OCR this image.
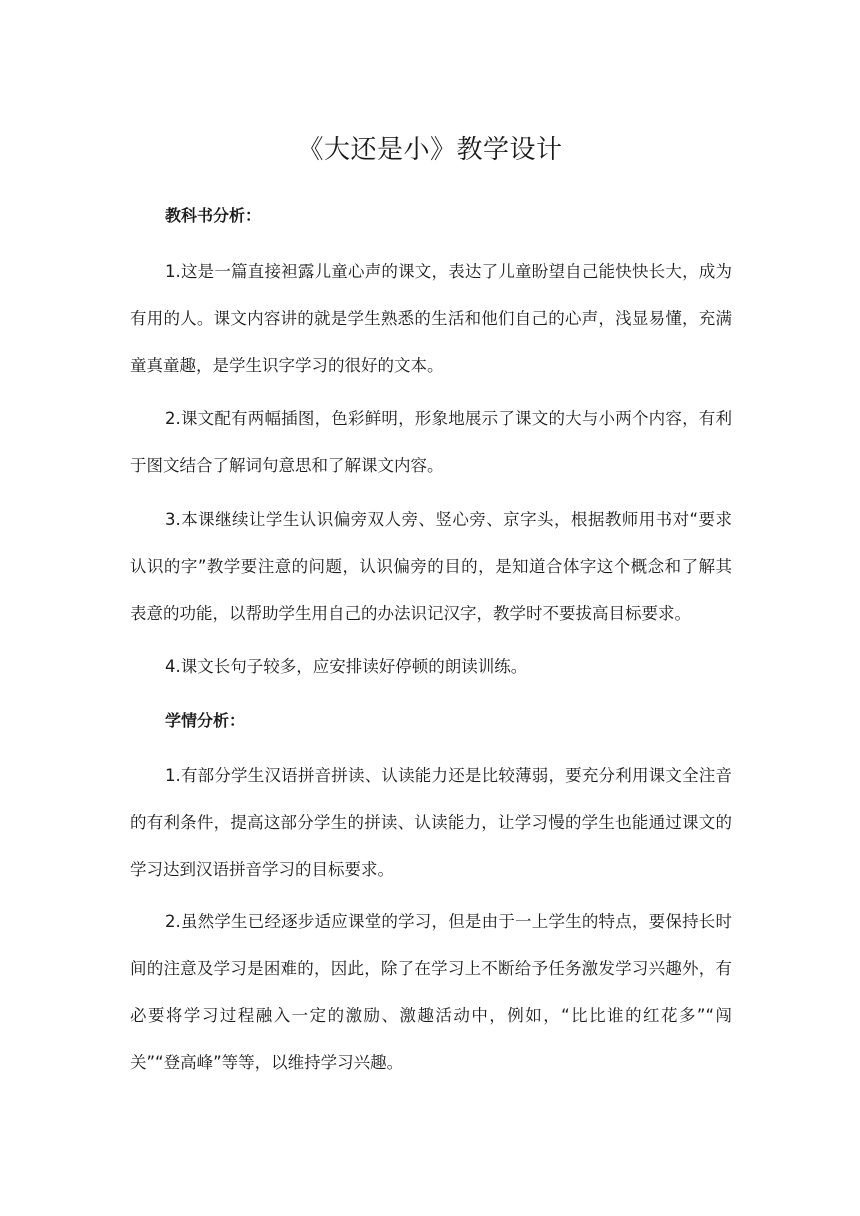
《大还是小》教学设计
教科书分析：

1.这是一篇直接袒露儿童心声的课文，表达了儿童盼望自己能快快长大，成为有用的人。课文内容讲的就是学生熟悉的生活和他们自己的心声，浅显易懂，充满童真童趣，是学生识字学习的很好的文本。

2.课文配有两幅插图，色彩鲜明，形象地展示了课文的大与小两个内容，有利于图文结合了解词句意思和了解课文内容。

3.本课继续让学生认识偏旁双人旁、竖心旁、京字头，根据教师用书对“要求认识的字”教学要注意的问题，认识偏旁的目的，是知道合体字这个概念和了解其表意的功能，以帮助学生用自己的办法识记汉字，教学时不要拔高目标要求。

4.课文长句子较多，应安排读好停顿的朗读训练。

学情分析：

1.有部分学生汉语拼音拼读、认读能力还是比较薄弱，要充分利用课文全注音的有利条件，提高这部分学生的拼读、认读能力，让学习慢的学生也能通过课文的学习达到汉语拼音学习的目标要求。

2.虽然学生已经逐步适应课堂的学习，但是由于一上学生的特点，要保持长时间的注意及学习是困难的，因此，除了在学习上不断给予任务激发学习兴趣外，有必要将学习过程融入一定的激励、激趣活动中，例如，“比比谁的红花多”“闯关”“登高峰”等等，以维持学习兴趣。
